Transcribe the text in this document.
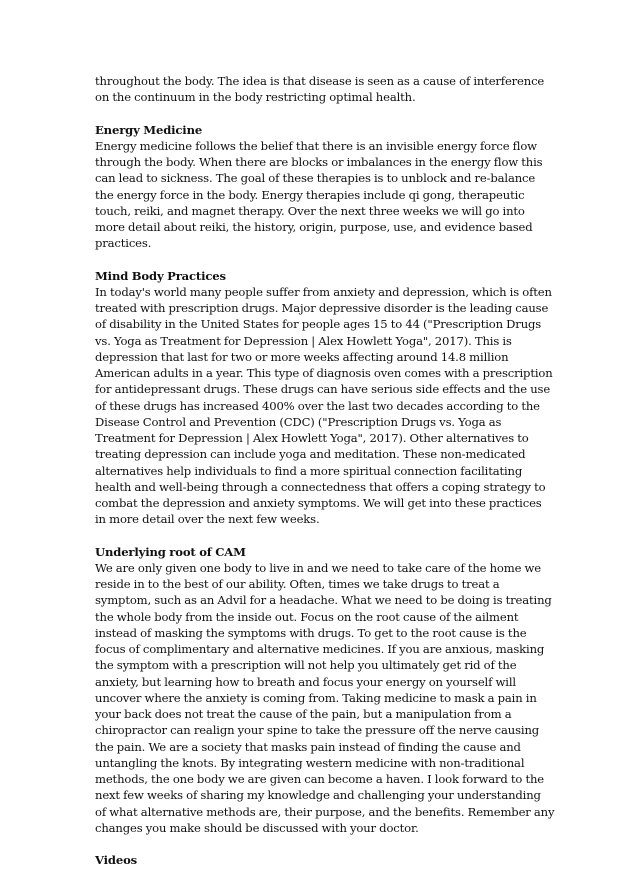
throughout the body. The idea is that disease is seen as a cause of interference on the continuum in the body restricting optimal health.

Energy Medicine

Energy medicine follows the belief that there is an invisible energy force flow through the body. When there are blocks or imbalances in the energy flow this can lead to sickness. The goal of these therapies is to unblock and re-balance the energy force in the body. Energy therapies include qi gong, therapeutic touch, reiki, and magnet therapy. Over the next three weeks we will go into more detail about reiki, the history, origin, purpose, use, and evidence based practices.

Mind Body Practices

In today's world many people suffer from anxiety and depression, which is often treated with prescription drugs. Major depressive disorder is the leading cause of disability in the United States for people ages 15 to 44 ("Prescription Drugs vs. Yoga as Treatment for Depression | Alex Howlett Yoga", 2017). This is depression that last for two or more weeks affecting around 14.8 million American adults in a year. This type of diagnosis oven comes with a prescription for antidepressant drugs. These drugs can have serious side effects and the use of these drugs has increased 400% over the last two decades according to the Disease Control and Prevention (CDC) ("Prescription Drugs vs. Yoga as Treatment for Depression | Alex Howlett Yoga", 2017). Other alternatives to treating depression can include yoga and meditation. These non-medicated alternatives help individuals to find a more spiritual connection facilitating health and well-being through a connectedness that offers a coping strategy to combat the depression and anxiety symptoms. We will get into these practices in more detail over the next few weeks.

Underlying root of CAM

We are only given one body to live in and we need to take care of the home we reside in to the best of our ability. Often, times we take drugs to treat a symptom, such as an Advil for a headache. What we need to be doing is treating the whole body from the inside out. Focus on the root cause of the ailment instead of masking the symptoms with drugs. To get to the root cause is the focus of complimentary and alternative medicines. If you are anxious, masking the symptom with a prescription will not help you ultimately get rid of the anxiety, but learning how to breath and focus your energy on yourself will uncover where the anxiety is coming from. Taking medicine to mask a pain in your back does not treat the cause of the pain, but a manipulation from a chiropractor can realign your spine to take the pressure off the nerve causing the pain. We are a society that masks pain instead of finding the cause and untangling the knots. By integrating western medicine with non-traditional methods, the one body we are given can become a haven. I look forward to the next few weeks of sharing my knowledge and challenging your understanding of what alternative methods are, their purpose, and the benefits. Remember any changes you make should be discussed with your doctor.

Videos
